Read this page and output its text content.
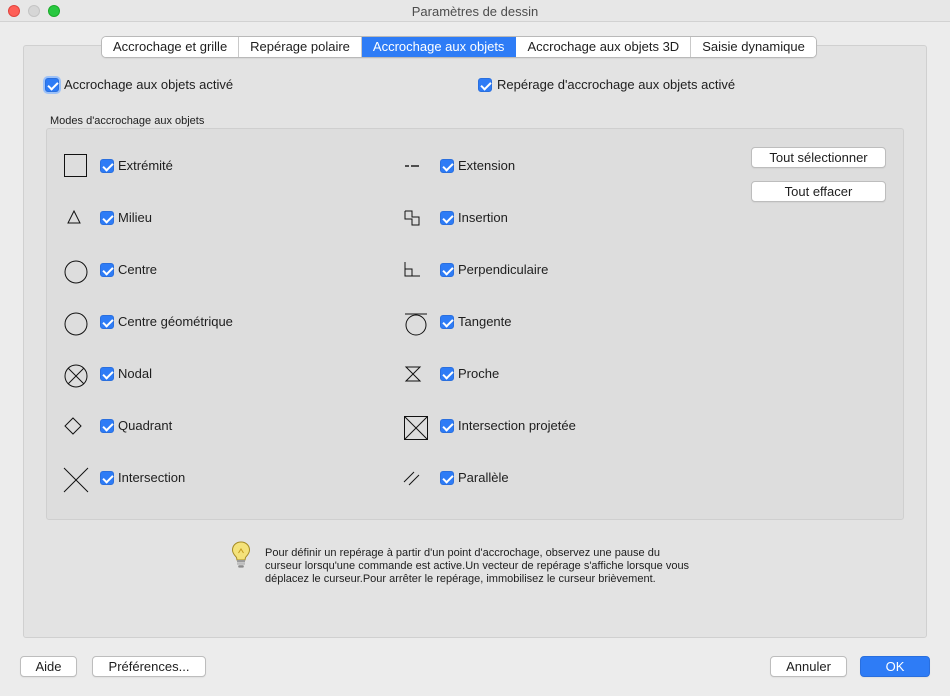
Paramètres de dessin
Accrochage et grille	Repérage polaire	Accrochage aux objets	Accrochage aux objets 3D	Saisie dynamique
Accrochage aux objets activé	Repérage d'accrochage aux objets activé
Modes d'accrochage aux objets
Extrémité
Milieu
Centre
Centre géométrique
Nodal
Quadrant
Intersection
Extension
Insertion
Perpendiculaire
Tangente
Proche
Intersection projetée
Parallèle
Tout sélectionner
Tout effacer
Pour définir un repérage à partir d'un point d'accrochage, observez une pause du
curseur lorsqu'une commande est active.Un vecteur de repérage s'affiche lorsque vous
déplacez le curseur.Pour arrêter le repérage, immobilisez le curseur brièvement.
Aide	Préférences...	Annuler	OK
